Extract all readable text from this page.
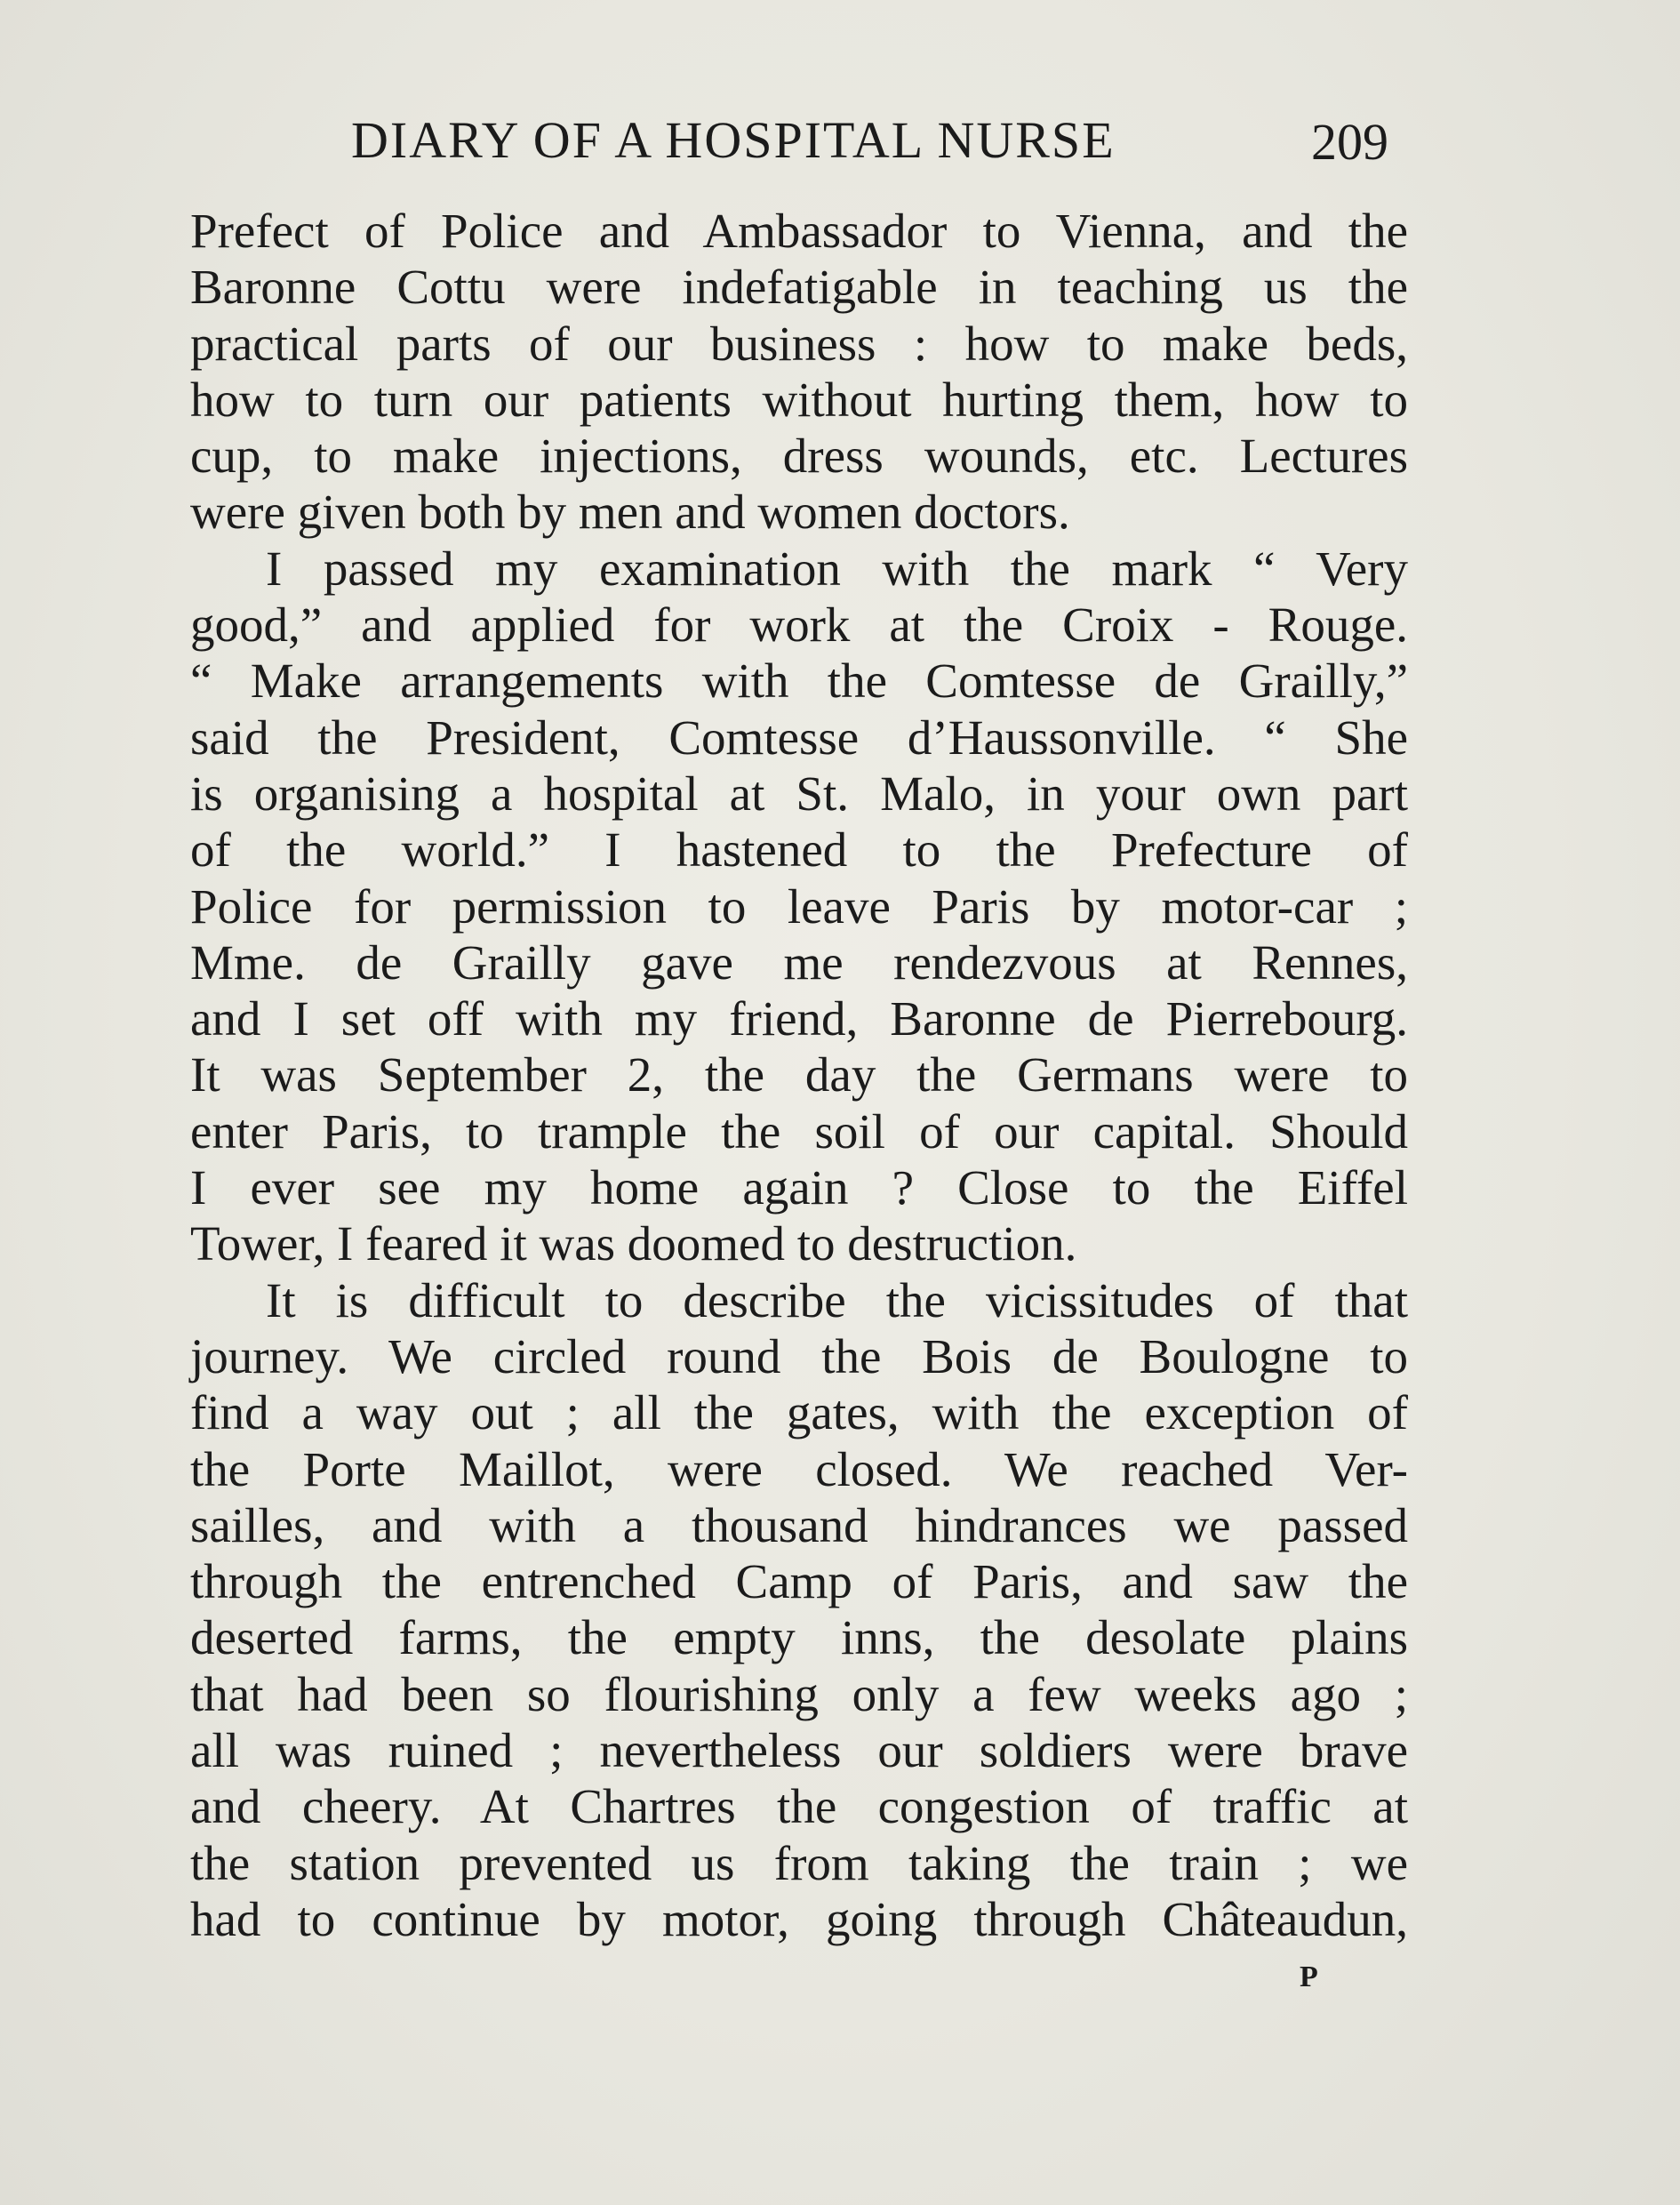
DIARY OF A HOSPITAL NURSE	209
Prefect of Police and Ambassador to Vienna, and the
Baronne Cottu were indefatigable in teaching us the
practical parts of our business : how to make beds,
how to turn our patients without hurting them, how to
cup, to make injections, dress wounds, etc. Lectures
were given both by men and women doctors.
I passed my examination with the mark “ Very
good,” and applied for work at the Croix - Rouge.
“ Make arrangements with the Comtesse de Grailly,”
said the President, Comtesse d’Haussonville. “ She
is organising a hospital at St. Malo, in your own part
of the world.” I hastened to the Prefecture of
Police for permission to leave Paris by motor-car ;
Mme. de Grailly gave me rendezvous at Rennes,
and I set off with my friend, Baronne de Pierrebourg.
It was September 2, the day the Germans were to
enter Paris, to trample the soil of our capital. Should
I ever see my home again ? Close to the Eiffel
Tower, I feared it was doomed to destruction.
It is difficult to describe the vicissitudes of that
journey. We circled round the Bois de Boulogne to
find a way out ; all the gates, with the exception of
the Porte Maillot, were closed. We reached Ver-
sailles, and with a thousand hindrances we passed
through the entrenched Camp of Paris, and saw the
deserted farms, the empty inns, the desolate plains
that had been so flourishing only a few weeks ago ;
all was ruined ; nevertheless our soldiers were brave
and cheery. At Chartres the congestion of traffic at
the station prevented us from taking the train ; we
had to continue by motor, going through Châteaudun,
P
